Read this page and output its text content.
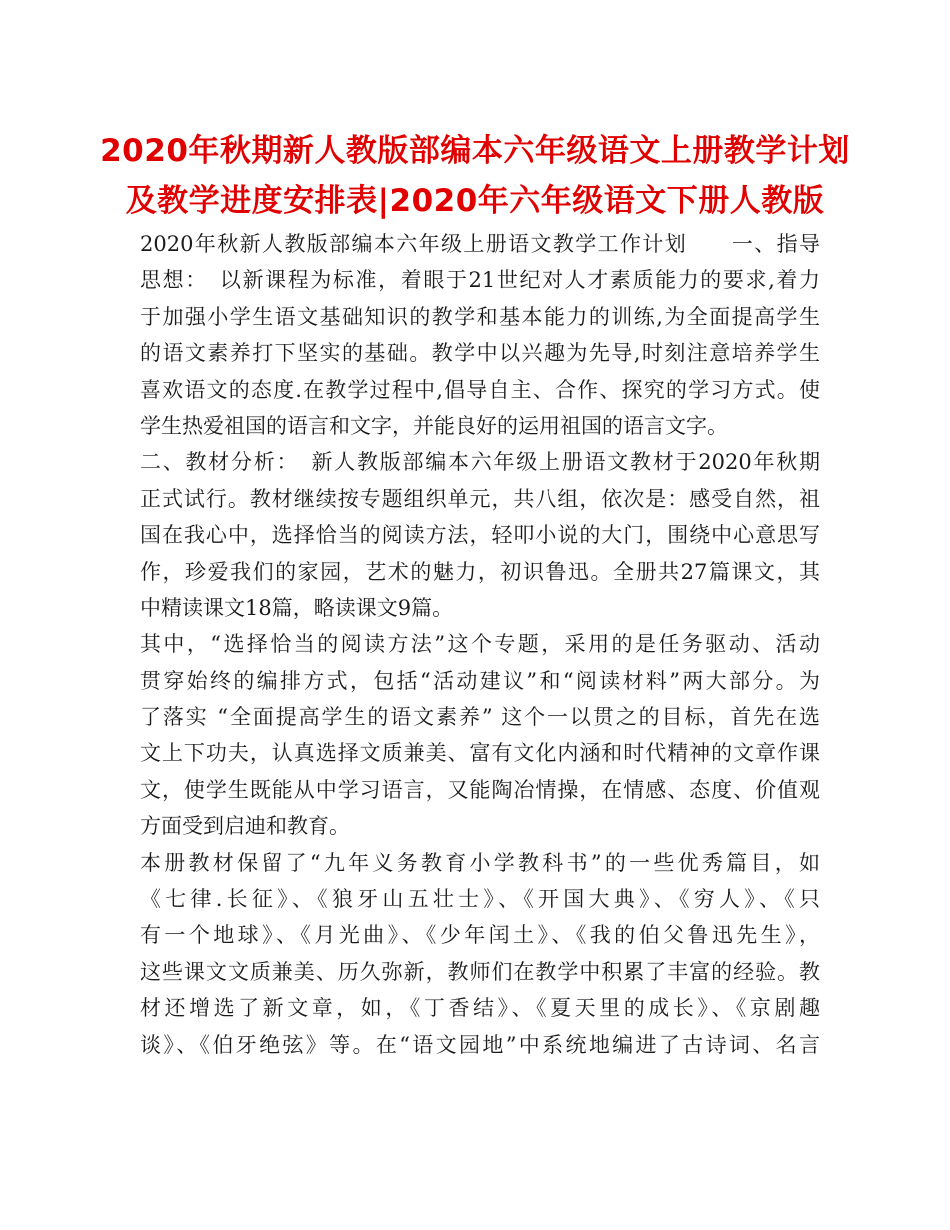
2020年秋期新人教版部编本六年级语文上册教学计划
及教学进度安排表|2020年六年级语文下册人教版
2020年秋新人教版部编本六年级上册语文教学工作计划　　一、指导
思想：　以新课程为标准，着眼于21世纪对人才素质能力的要求,着力
于加强小学生语文基础知识的教学和基本能力的训练,为全面提高学生
的语文素养打下坚实的基础。教学中以兴趣为先导,时刻注意培养学生
喜欢语文的态度.在教学过程中,倡导自主、合作、探究的学习方式。使
学生热爱祖国的语言和文字，并能良好的运用祖国的语言文字。
二、教材分析：　新人教版部编本六年级上册语文教材于2020年秋期
正式试行。教材继续按专题组织单元，共八组，依次是：感受自然，祖
国在我心中，选择恰当的阅读方法，轻叩小说的大门，围绕中心意思写
作，珍爱我们的家园，艺术的魅力，初识鲁迅。全册共27篇课文，其
中精读课文18篇，略读课文9篇。
其中，“选择恰当的阅读方法”这个专题，采用的是任务驱动、活动
贯穿始终的编排方式，包括“活动建议”和“阅读材料”两大部分。为
了落实 “全面提高学生的语文素养” 这个一以贯之的目标，首先在选
文上下功夫，认真选择文质兼美、富有文化内涵和时代精神的文章作课
文，使学生既能从中学习语言，又能陶冶情操，在情感、态度、价值观
方面受到启迪和教育。
本册教材保留了“九年义务教育小学教科书”的一些优秀篇目，如
《七律.长征》、《狼牙山五壮士》、《开国大典》、《穷人》、《只
有一个地球》、《月光曲》、《少年闰土》、《我的伯父鲁迅先生》，
这些课文文质兼美、历久弥新，教师们在教学中积累了丰富的经验。教
材还增选了新文章，如，《丁香结》、《夏天里的成长》、《京剧趣
谈》、《伯牙绝弦》等。在“语文园地”中系统地编进了古诗词、名言
